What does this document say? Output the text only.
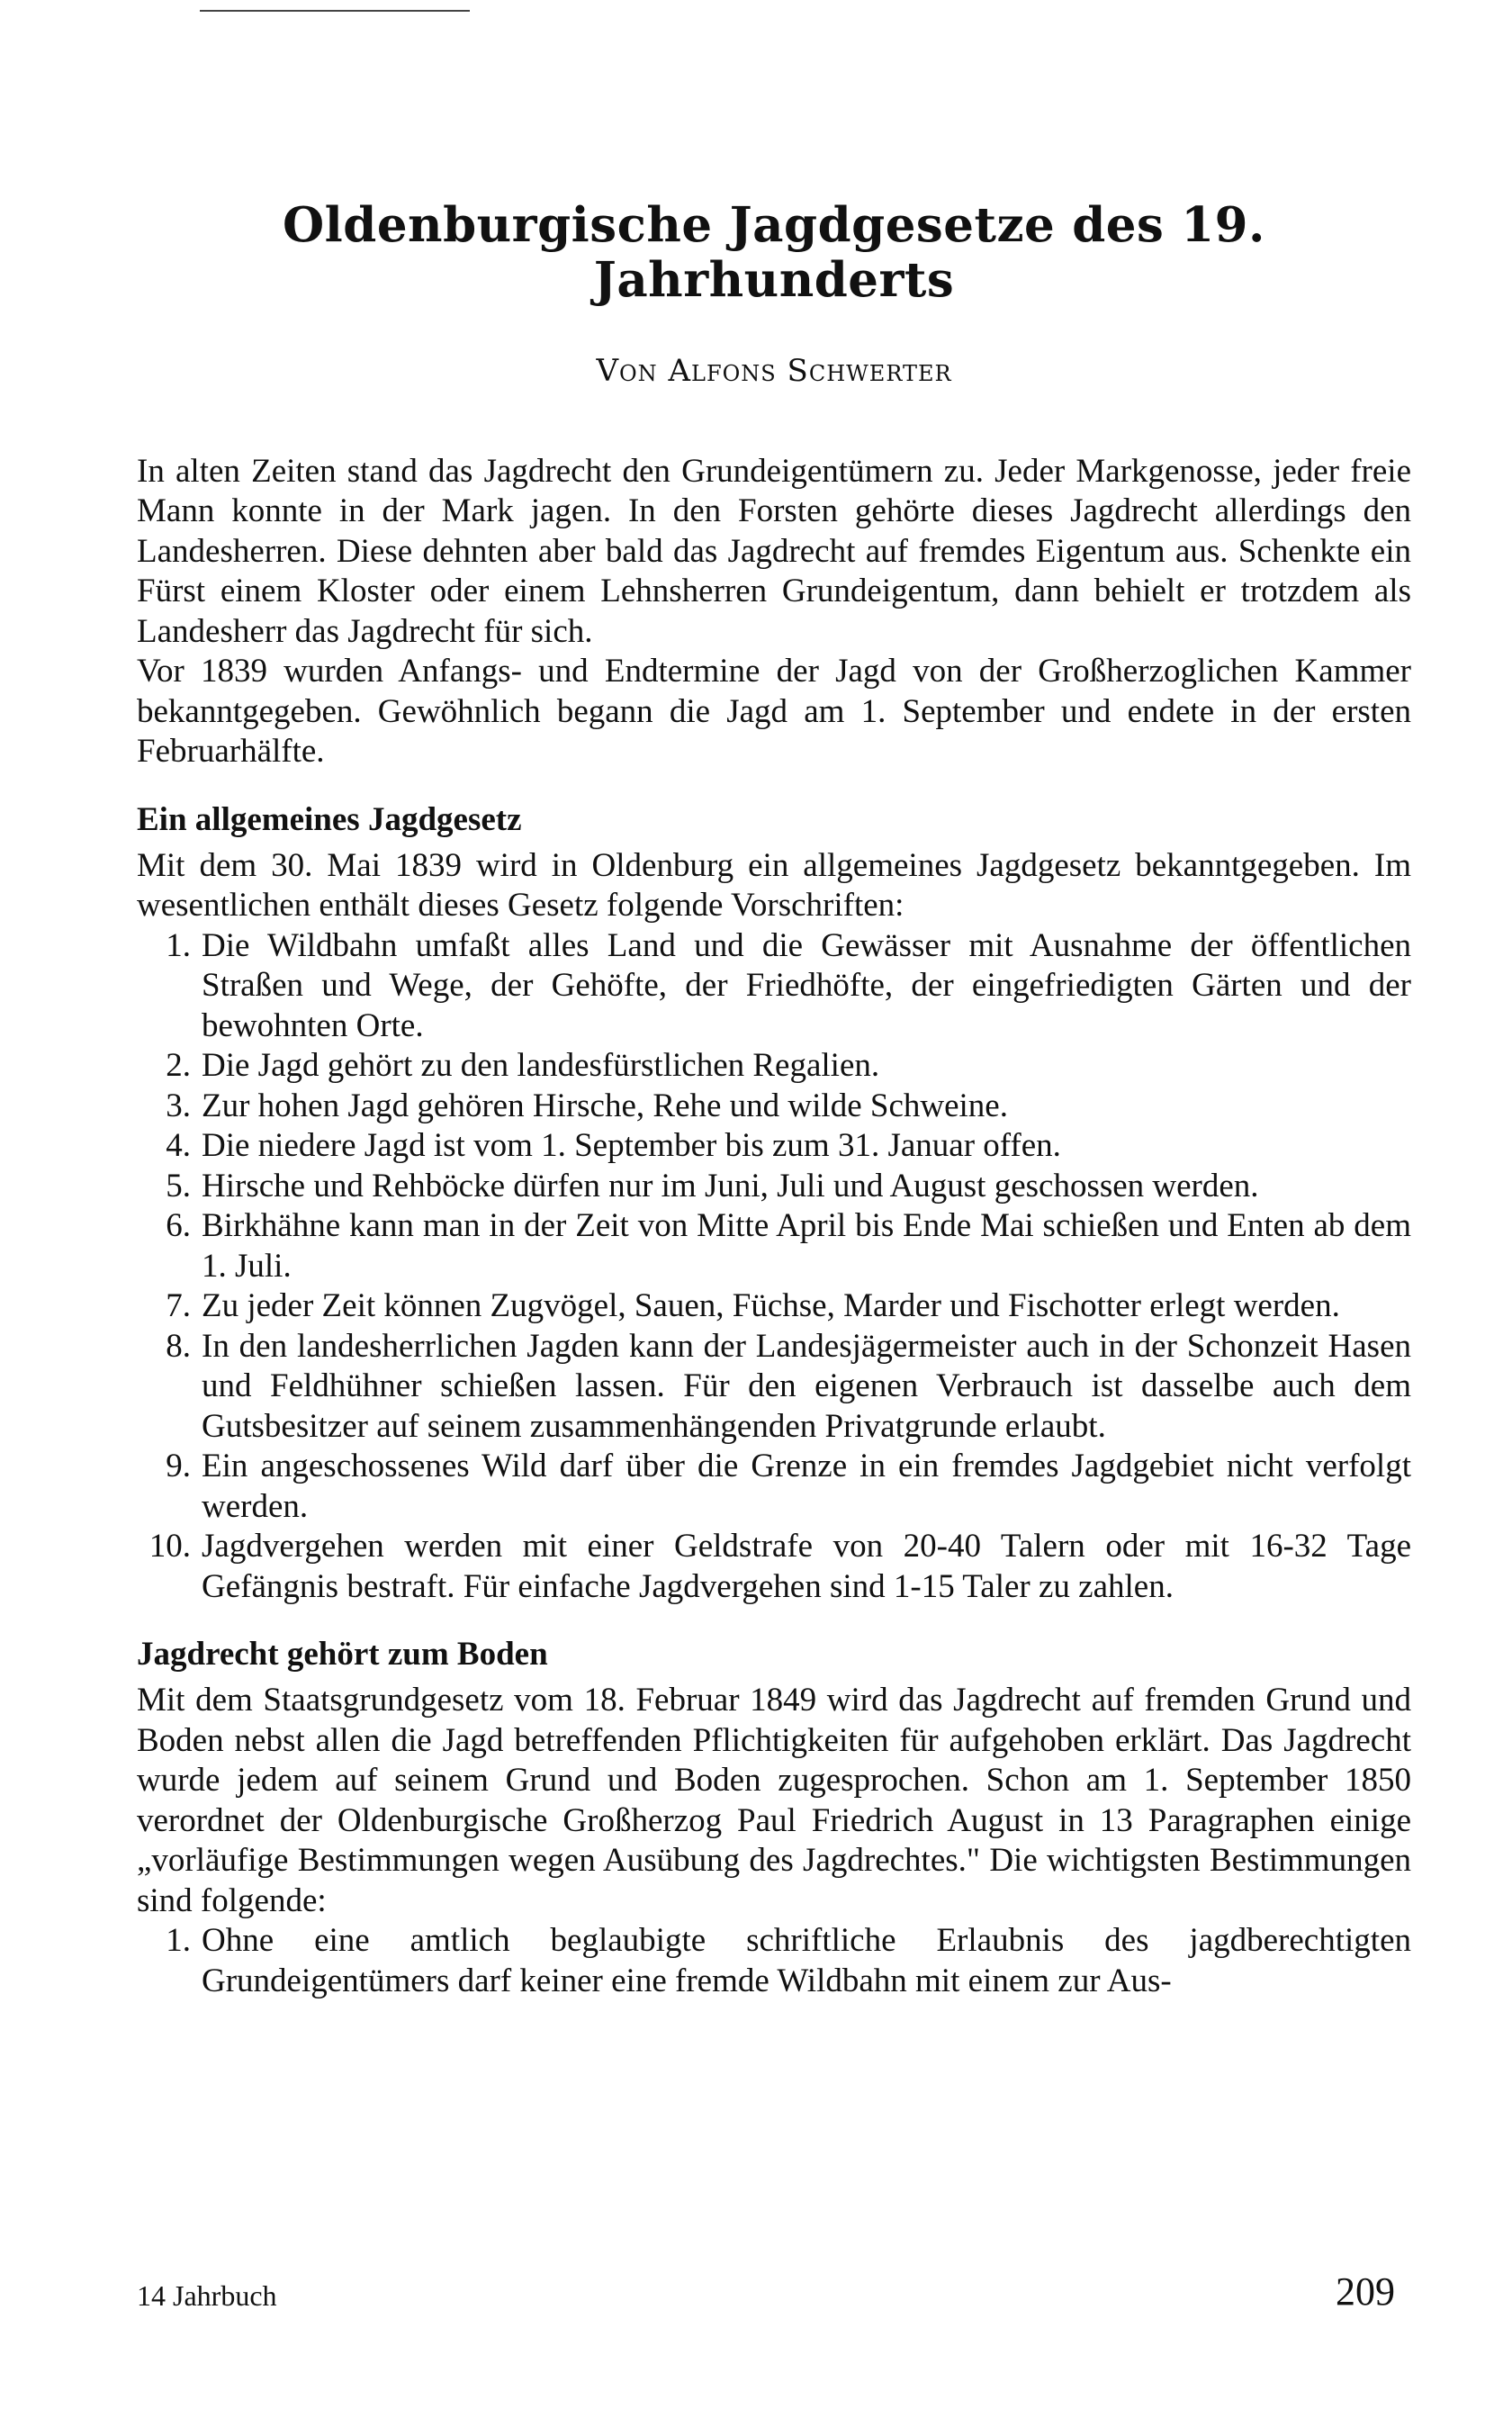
Oldenburgische Jagdgesetze des 19. Jahrhunderts
Von Alfons Schwerter

In alten Zeiten stand das Jagdrecht den Grundeigentümern zu. Jeder Markgenosse, jeder freie Mann konnte in der Mark jagen. In den Forsten gehörte dieses Jagdrecht allerdings den Landesherren. Diese dehnten aber bald das Jagdrecht auf fremdes Eigentum aus. Schenkte ein Fürst einem Kloster oder einem Lehnsherren Grundeigentum, dann behielt er trotzdem als Landesherr das Jagdrecht für sich.

Vor 1839 wurden Anfangs- und Endtermine der Jagd von der Großherzoglichen Kammer bekanntgegeben. Gewöhnlich begann die Jagd am 1. September und endete in der ersten Februarhälfte.

Ein allgemeines Jagdgesetz

Mit dem 30. Mai 1839 wird in Oldenburg ein allgemeines Jagdgesetz bekanntgegeben. Im wesentlichen enthält dieses Gesetz folgende Vorschriften:

1. Die Wildbahn umfaßt alles Land und die Gewässer mit Ausnahme der öffentlichen Straßen und Wege, der Gehöfte, der Friedhöfte, der eingefriedigten Gärten und der bewohnten Orte.
2. Die Jagd gehört zu den landesfürstlichen Regalien.
3. Zur hohen Jagd gehören Hirsche, Rehe und wilde Schweine.
4. Die niedere Jagd ist vom 1. September bis zum 31. Januar offen.
5. Hirsche und Rehböcke dürfen nur im Juni, Juli und August geschossen werden.
6. Birkhähne kann man in der Zeit von Mitte April bis Ende Mai schießen und Enten ab dem 1. Juli.
7. Zu jeder Zeit können Zugvögel, Sauen, Füchse, Marder und Fischotter erlegt werden.
8. In den landesherrlichen Jagden kann der Landesjägermeister auch in der Schonzeit Hasen und Feldhühner schießen lassen. Für den eigenen Verbrauch ist dasselbe auch dem Gutsbesitzer auf seinem zusammenhängenden Privatgrunde erlaubt.
9. Ein angeschossenes Wild darf über die Grenze in ein fremdes Jagdgebiet nicht verfolgt werden.
10. Jagdvergehen werden mit einer Geldstrafe von 20-40 Talern oder mit 16-32 Tage Gefängnis bestraft. Für einfache Jagdvergehen sind 1-15 Taler zu zahlen.
Jagdrecht gehört zum Boden

Mit dem Staatsgrundgesetz vom 18. Februar 1849 wird das Jagdrecht auf fremden Grund und Boden nebst allen die Jagd betreffenden Pflichtigkeiten für aufgehoben erklärt. Das Jagdrecht wurde jedem auf seinem Grund und Boden zugesprochen. Schon am 1. September 1850 verordnet der Oldenburgische Großherzog Paul Friedrich August in 13 Paragraphen einige „vorläufige Bestimmungen wegen Ausübung des Jagdrechtes." Die wichtigsten Bestimmungen sind folgende:

1. Ohne eine amtlich beglaubigte schriftliche Erlaubnis des jagdberechtigten Grundeigentümers darf keiner eine fremde Wildbahn mit einem zur Aus-
14 Jahrbuch	209
